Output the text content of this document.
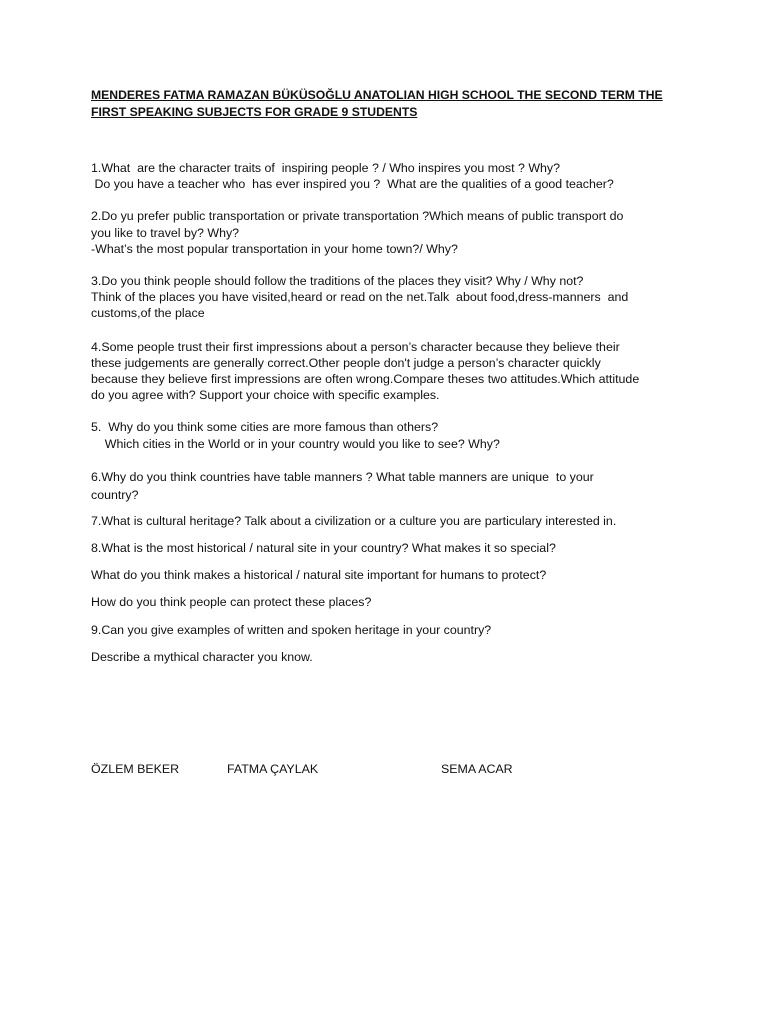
MENDERES FATMA RAMAZAN BÜKÜSOĞLU ANATOLIAN HIGH SCHOOL THE SECOND TERM THE
FIRST SPEAKING SUBJECTS FOR GRADE 9 STUDENTS
1.What  are the character traits of  inspiring people ? / Who inspires you most ? Why?
Do you have a teacher who  has ever inspired you ?  What are the qualities of a good teacher?
2.Do yu prefer public transportation or private transportation ?Which means of public transport do
you like to travel by? Why?
-What’s the most popular transportation in your home town?/ Why?
3.Do you think people should follow the traditions of the places they visit? Why / Why not?
Think of the places you have visited,heard or read on the net.Talk  about food,dress-manners  and
customs,of the place
4.Some people trust their first impressions about a person’s character because they believe their
these judgements are generally correct.Other people don't judge a person’s character quickly
because they believe first impressions are often wrong.Compare theses two attitudes.Which attitude
do you agree with? Support your choice with specific examples.
5.  Why do you think some cities are more famous than others?
Which cities in the World or in your country would you like to see? Why?
6.Why do you think countries have table manners ? What table manners are unique  to your
country?
7.What is cultural heritage? Talk about a civilization or a culture you are particulary interested in.
8.What is the most historical / natural site in your country? What makes it so special?
What do you think makes a historical / natural site important for humans to protect?
How do you think people can protect these places?
9.Can you give examples of written and spoken heritage in your country?
Describe a mythical character you know.
ÖZLEM BEKER	FATMA ÇAYLAK	SEMA ACAR
